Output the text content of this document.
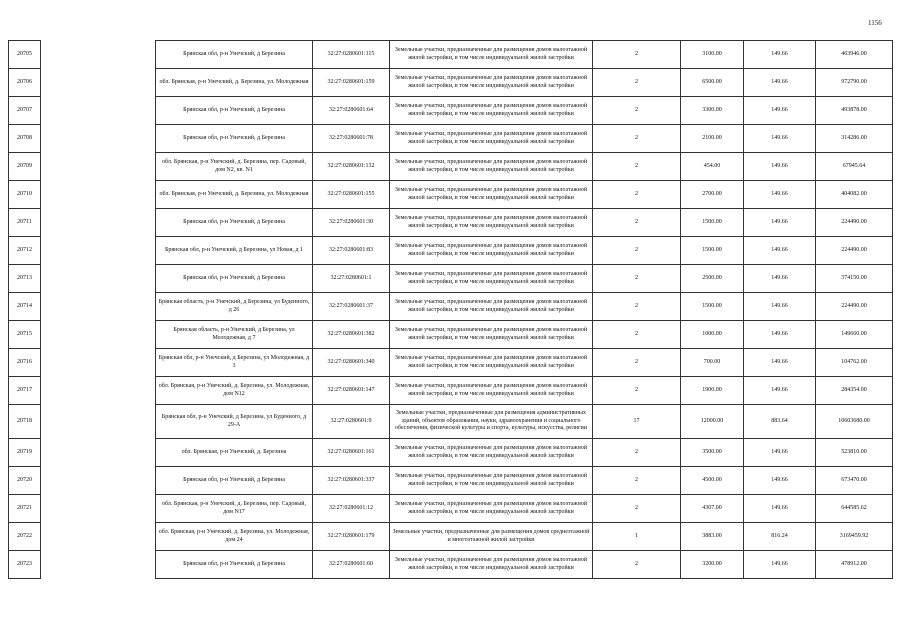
1156
20705		Брянская обл, р-н Унечский, д Березина	32:27:0280601:115	Земельные участки, предназначенные для размещения домов малоэтажной жилой застройки, в том числе индивидуальной жилой застройки	2	3100.00	149.66	463946.00
20706		обл. Брянская, р-н Унечский, д. Березина, ул. Молодежная	32:27:0280601:159	Земельные участки, предназначенные для размещения домов малоэтажной жилой застройки, в том числе индивидуальной жилой застройки	2	6500.00	149.66	972790.00
20707		Брянская обл, р-н Унечский, д Березина	32:27:0280601:64	Земельные участки, предназначенные для размещения домов малоэтажной жилой застройки, в том числе индивидуальной жилой застройки	2	3300.00	149.66	493878.00
20708		Брянская обл, р-н Унечский, д Березина	32:27:0280601:78	Земельные участки, предназначенные для размещения домов малоэтажной жилой застройки, в том числе индивидуальной жилой застройки	2	2100.00	149.66	314286.00
20709		обл. Брянская, р-н Унечский, д. Березина, пер. Садовый, дом N2, кв. N1	32:27:0280601:132	Земельные участки, предназначенные для размещения домов малоэтажной жилой застройки, в том числе индивидуальной жилой застройки	2	454.00	149.66	67945.64
20710		обл. Брянская, р-н Унечский, д. Березина, ул. Молодежная	32:27:0280601:155	Земельные участки, предназначенные для размещения домов малоэтажной жилой застройки, в том числе индивидуальной жилой застройки	2	2700.00	149.66	404082.00
20711		Брянская обл, р-н Унечский, д Березина	32:27:0280601:30	Земельные участки, предназначенные для размещения домов малоэтажной жилой застройки, в том числе индивидуальной жилой застройки	2	1500.00	149.66	224490.00
20712		Брянская обл, р-н Унечский, д Березина, ул Новая, д 1	32:27:0280601:83	Земельные участки, предназначенные для размещения домов малоэтажной жилой застройки, в том числе индивидуальной жилой застройки	2	1500.00	149.66	224490.00
20713		Брянская обл, р-н Унечский, д Березина	32:27:0280601:1	Земельные участки, предназначенные для размещения домов малоэтажной жилой застройки, в том числе индивидуальной жилой застройки	2	2500.00	149.66	374150.00
20714		Брянская область, р-н Унечский, д Березина, ул Буденного, д 26	32:27:0280601:37	Земельные участки, предназначенные для размещения домов малоэтажной жилой застройки, в том числе индивидуальной жилой застройки	2	1500.00	149.66	224490.00
20715		Брянская область, р-н Унечский, д Березина, ул Молодежная, д 7	32:27:0280601:382	Земельные участки, предназначенные для размещения домов малоэтажной жилой застройки, в том числе индивидуальной жилой застройки	2	1000.00	149.66	149660.00
20716		Брянская обл, р-н Унечский, д Березина, ул Молодежная, д 3	32:27:0280601:340	Земельные участки, предназначенные для размещения домов малоэтажной жилой застройки, в том числе индивидуальной жилой застройки	2	700.00	149.66	104762.00
20717		обл. Брянская, р-н Унечский, д. Березина, ул. Молодежная, дом N12	32:27:0280601:147	Земельные участки, предназначенные для размещения домов малоэтажной жилой застройки, в том числе индивидуальной жилой застройки	2	1900.00	149.66	284354.00
20718		Брянская обл, р-н Унечский, д Березина, ул Буденного, д 29-А	32:27:0280601:9	Земельные участки, предназначенные для размещения административных зданий, объектов образования, науки, здравоохранения и социального обеспечения, физической культуры и спорта, культуры, искусства, религии	17	12000.00	883.64	10603680.00
20719		обл. Брянская, р-н Унечский, д. Березина	32:27:0280601:161	Земельные участки, предназначенные для размещения домов малоэтажной жилой застройки, в том числе индивидуальной жилой застройки	2	3500.00	149.66	523810.00
20720		Брянская обл, р-н Унечский, д Березина	32:27:0280601:337	Земельные участки, предназначенные для размещения домов малоэтажной жилой застройки, в том числе индивидуальной жилой застройки	2	4500.00	149.66	673470.00
20721		обл. Брянская, р-н Унечский, д. Березина, пер. Садовый, дом N17	32:27:0280601:12	Земельные участки, предназначенные для размещения домов малоэтажной жилой застройки, в том числе индивидуальной жилой застройки	2	4307.00	149.66	644585.62
20722		обл. Брянская, р-н Унечский, д. Березина, ул. Молодежная, дом 24	32:27:0280601:179	Земельные участки, предназначенные для размещения домов среднеэтажной и многоэтажной жилой застройки	1	3883.00	816.24	3169459.92
20723		Брянская обл, р-н Унечский, д Березина	32:27:0280601:60	Земельные участки, предназначенные для размещения домов малоэтажной жилой застройки, в том числе индивидуальной жилой застройки	2	3200.00	149.66	478912.00
